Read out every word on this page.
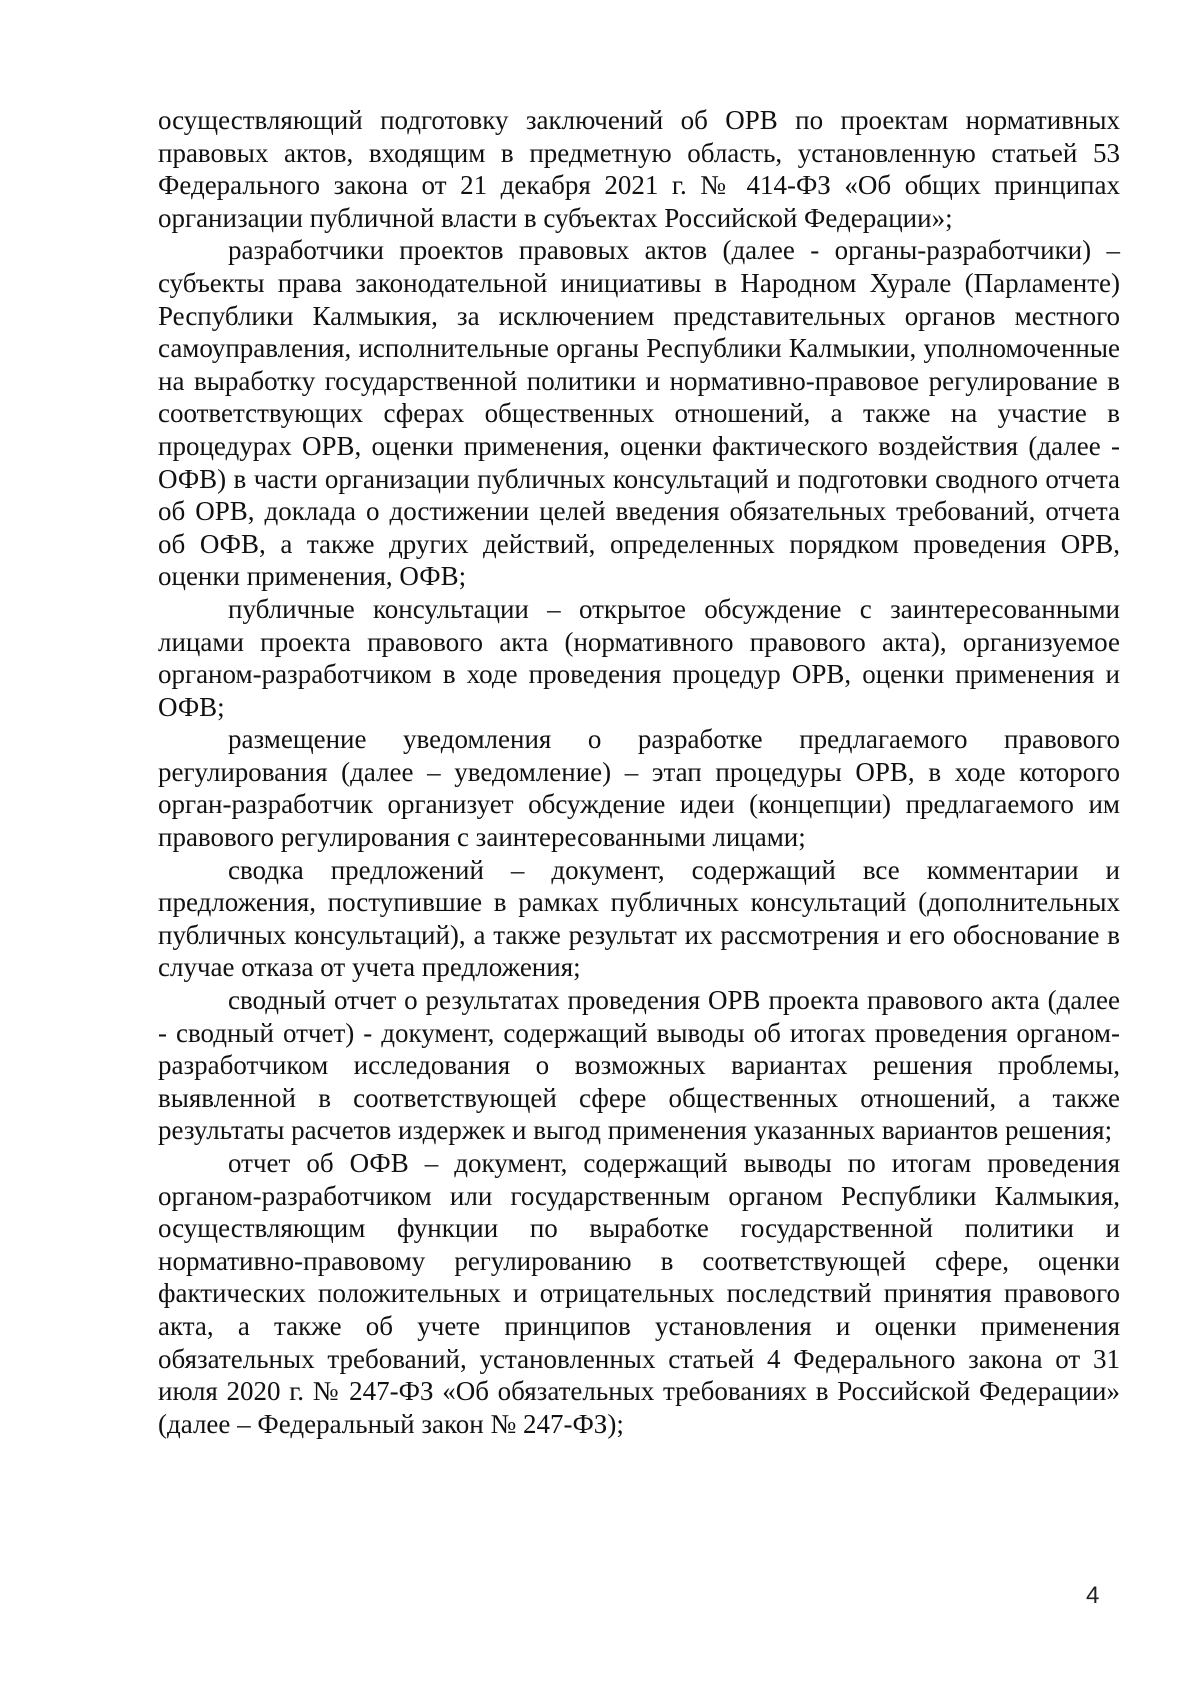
осуществляющий подготовку заключений об ОРВ по проектам нормативных правовых актов, входящим в предметную область, установленную статьей 53 Федерального закона от 21 декабря 2021 г. № 414-ФЗ «Об общих принципах организации публичной власти в субъектах Российской Федерации»;

разработчики проектов правовых актов (далее - органы-разработчики) – субъекты права законодательной инициативы в Народном Хурале (Парламенте) Республики Калмыкия, за исключением представительных органов местного самоуправления, исполнительные органы Республики Калмыкии, уполномоченные на выработку государственной политики и нормативно-правовое регулирование в соответствующих сферах общественных отношений, а также на участие в процедурах ОРВ, оценки применения, оценки фактического воздействия (далее - ОФВ) в части организации публичных консультаций и подготовки сводного отчета об ОРВ, доклада о достижении целей введения обязательных требований, отчета об ОФВ, а также других действий, определенных порядком проведения ОРВ, оценки применения, ОФВ;

публичные консультации – открытое обсуждение с заинтересованными лицами проекта правового акта (нормативного правового акта), организуемое органом-разработчиком в ходе проведения процедур ОРВ, оценки применения и ОФВ;

размещение уведомления о разработке предлагаемого правового регулирования (далее – уведомление) – этап процедуры ОРВ, в ходе которого орган-разработчик организует обсуждение идеи (концепции) предлагаемого им правового регулирования с заинтересованными лицами;

сводка предложений – документ, содержащий все комментарии и предложения, поступившие в рамках публичных консультаций (дополнительных публичных консультаций), а также результат их рассмотрения и его обоснование в случае отказа от учета предложения;

сводный отчет о результатах проведения ОРВ проекта правового акта (далее - сводный отчет) - документ, содержащий выводы об итогах проведения органом-разработчиком исследования о возможных вариантах решения проблемы, выявленной в соответствующей сфере общественных отношений, а также результаты расчетов издержек и выгод применения указанных вариантов решения;

отчет об ОФВ – документ, содержащий выводы по итогам проведения органом-разработчиком или государственным органом Республики Калмыкия, осуществляющим функции по выработке государственной политики и нормативно-правовому регулированию в соответствующей сфере, оценки фактических положительных и отрицательных последствий принятия правового акта, а также об учете принципов установления и оценки применения обязательных требований, установленных статьей 4 Федерального закона от 31 июля 2020 г. № 247-ФЗ «Об обязательных требованиях в Российской Федерации» (далее – Федеральный закон № 247-ФЗ);

4
